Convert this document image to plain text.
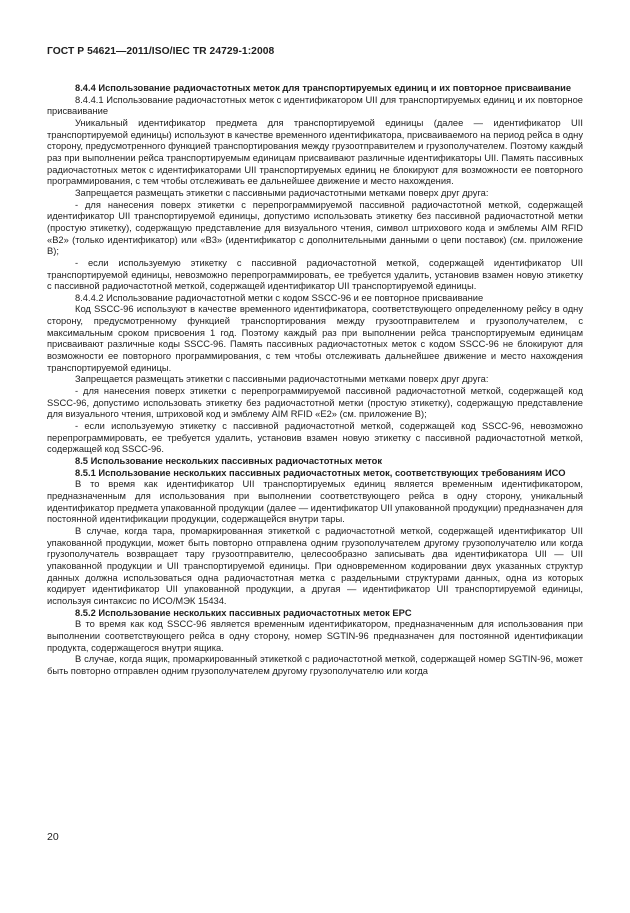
ГОСТ Р 54621—2011/ISO/IEC TR 24729-1:2008

8.4.4 Использование радиочастотных меток для транспортируемых единиц и их повторное присваивание

8.4.4.1 Использование радиочастотных меток с идентификатором UII для транспортируемых единиц и их повторное присваивание

Уникальный идентификатор предмета для транспортируемой единицы (далее — идентификатор UII транспортируемой единицы) используют в качестве временного идентификатора, присваиваемого на период рейса в одну сторону, предусмотренного функцией транспортирования между грузоотправителем и грузополучателем. Поэтому каждый раз при выполнении рейса транспортируемым единицам присваивают различные идентификаторы UII. Память пассивных радиочастотных меток с идентификаторами UII транспортируемых единиц не блокируют для возможности ее повторного программирования, с тем чтобы отслеживать ее дальнейшее движение и место нахождения.

Запрещается размещать этикетки с пассивными радиочастотными метками поверх друг друга:

- для нанесения поверх этикетки с перепрограммируемой пассивной радиочастотной меткой, содержащей идентификатор UII транспортируемой единицы, допустимо использовать этикетку без пассивной радиочастотной метки (простую этикетку), содержащую представление для визуального чтения, символ штрихового кода и эмблемы AIM RFID «B2» (только идентификатор) или «B3» (идентификатор с дополнительными данными о цепи поставок) (см. приложение B);

- если используемую этикетку с пассивной радиочастотной меткой, содержащей идентификатор UII транспортируемой единицы, невозможно перепрограммировать, ее требуется удалить, установив взамен новую этикетку с пассивной радиочастотной меткой, содержащей идентификатор UII транспортируемой единицы.

8.4.4.2 Использование радиочастотной метки с кодом SSCC-96 и ее повторное присваивание

Код SSCC-96 используют в качестве временного идентификатора, соответствующего определенному рейсу в одну сторону, предусмотренному функцией транспортирования между грузоотправителем и грузополучателем, с максимальным сроком присвоения 1 год. Поэтому каждый раз при выполнении рейса транспортируемым единицам присваивают различные коды SSCC-96. Память пассивных радиочастотных меток с кодом SSCC-96 не блокируют для возможности ее повторного программирования, с тем чтобы отслеживать дальнейшее движение и место нахождения транспортируемой единицы.

Запрещается размещать этикетки с пассивными радиочастотными метками поверх друг друга:

- для нанесения поверх этикетки с перепрограммируемой пассивной радиочастотной меткой, содержащей код SSCC-96, допустимо использовать этикетку без радиочастотной метки (простую этикетку), содержащую представление для визуального чтения, штриховой код и эмблему AIM RFID «E2» (см. приложение B);

- если используемую этикетку с пассивной радиочастотной меткой, содержащей код SSCC-96, невозможно перепрограммировать, ее требуется удалить, установив взамен новую этикетку с пассивной радиочастотной меткой, содержащей код SSCC-96.

8.5 Использование нескольких пассивных радиочастотных меток

8.5.1 Использование нескольких пассивных радиочастотных меток, соответствующих требованиям ИСО

В то время как идентификатор UII транспортируемых единиц является временным идентификатором, предназначенным для использования при выполнении соответствующего рейса в одну сторону, уникальный идентификатор предмета упакованной продукции (далее — идентификатор UII упакованной продукции) предназначен для постоянной идентификации продукции, содержащейся внутри тары.

В случае, когда тара, промаркированная этикеткой с радиочастотной меткой, содержащей идентификатор UII упакованной продукции, может быть повторно отправлена одним грузополучателем другому грузополучателю или когда грузополучатель возвращает тару грузоотправителю, целесообразно записывать два идентификатора UII — UII упакованной продукции и UII транспортируемой единицы. При одновременном кодировании двух указанных структур данных должна использоваться одна радиочастотная метка с раздельными структурами данных, одна из которых кодирует идентификатор UII упакованной продукции, а другая — идентификатор UII транспортируемой единицы, используя синтаксис по ИСО/МЭК 15434.

8.5.2 Использование нескольких пассивных радиочастотных меток EPC

В то время как код SSCC-96 является временным идентификатором, предназначенным для использования при выполнении соответствующего рейса в одну сторону, номер SGTIN-96 предназначен для постоянной идентификации продукта, содержащегося внутри ящика.

В случае, когда ящик, промаркированный этикеткой с радиочастотной меткой, содержащей номер SGTIN-96, может быть повторно отправлен одним грузополучателем другому грузополучателю или когда

20
